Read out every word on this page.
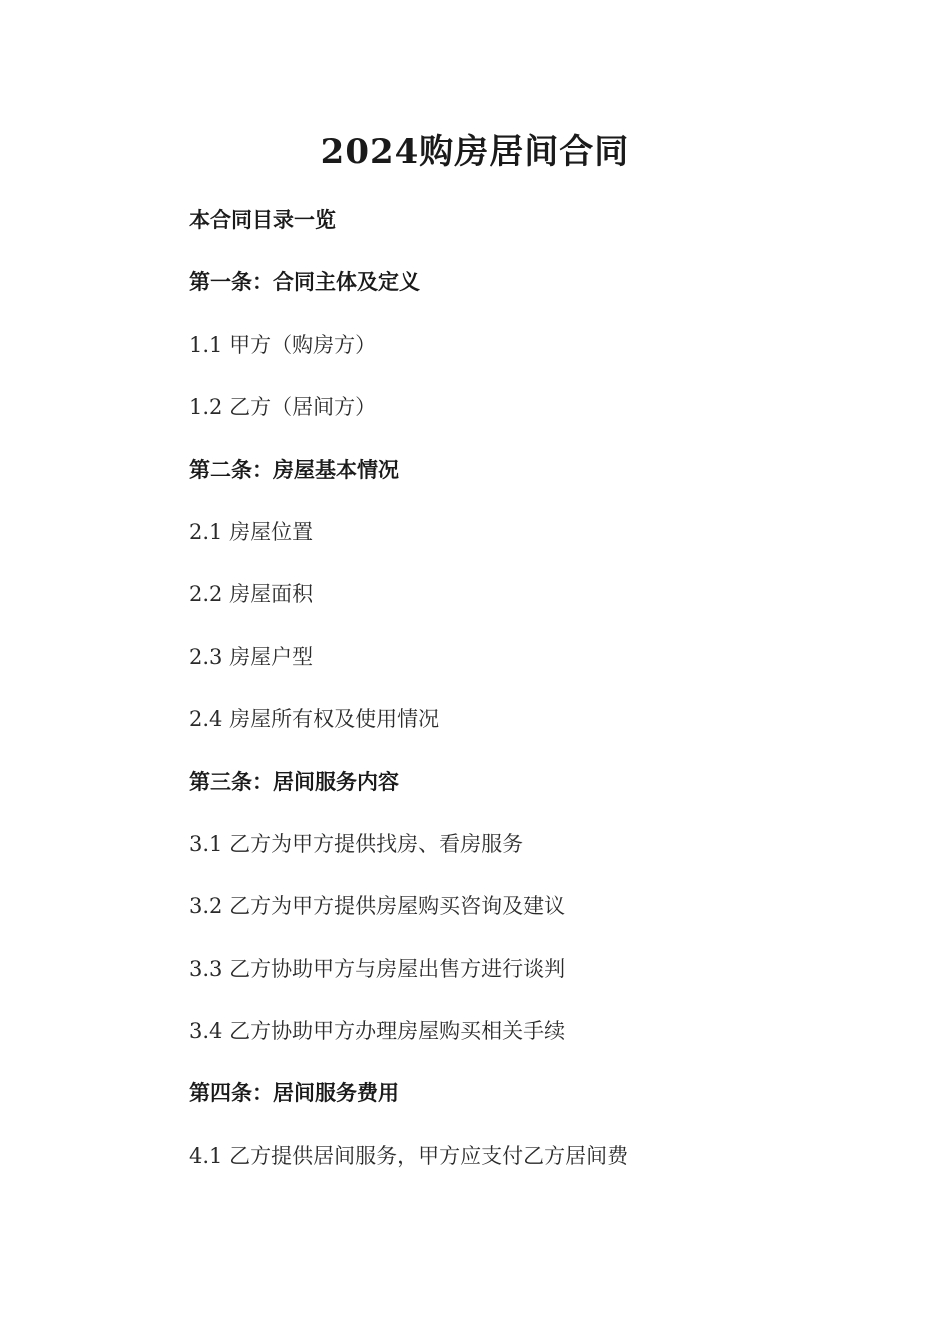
2024购房居间合同
本合同目录一览
第一条：合同主体及定义
1.1 甲方（购房方）
1.2 乙方（居间方）
第二条：房屋基本情况
2.1 房屋位置
2.2 房屋面积
2.3 房屋户型
2.4 房屋所有权及使用情况
第三条：居间服务内容
3.1 乙方为甲方提供找房、看房服务
3.2 乙方为甲方提供房屋购买咨询及建议
3.3 乙方协助甲方与房屋出售方进行谈判
3.4 乙方协助甲方办理房屋购买相关手续
第四条：居间服务费用
4.1 乙方提供居间服务，甲方应支付乙方居间费
